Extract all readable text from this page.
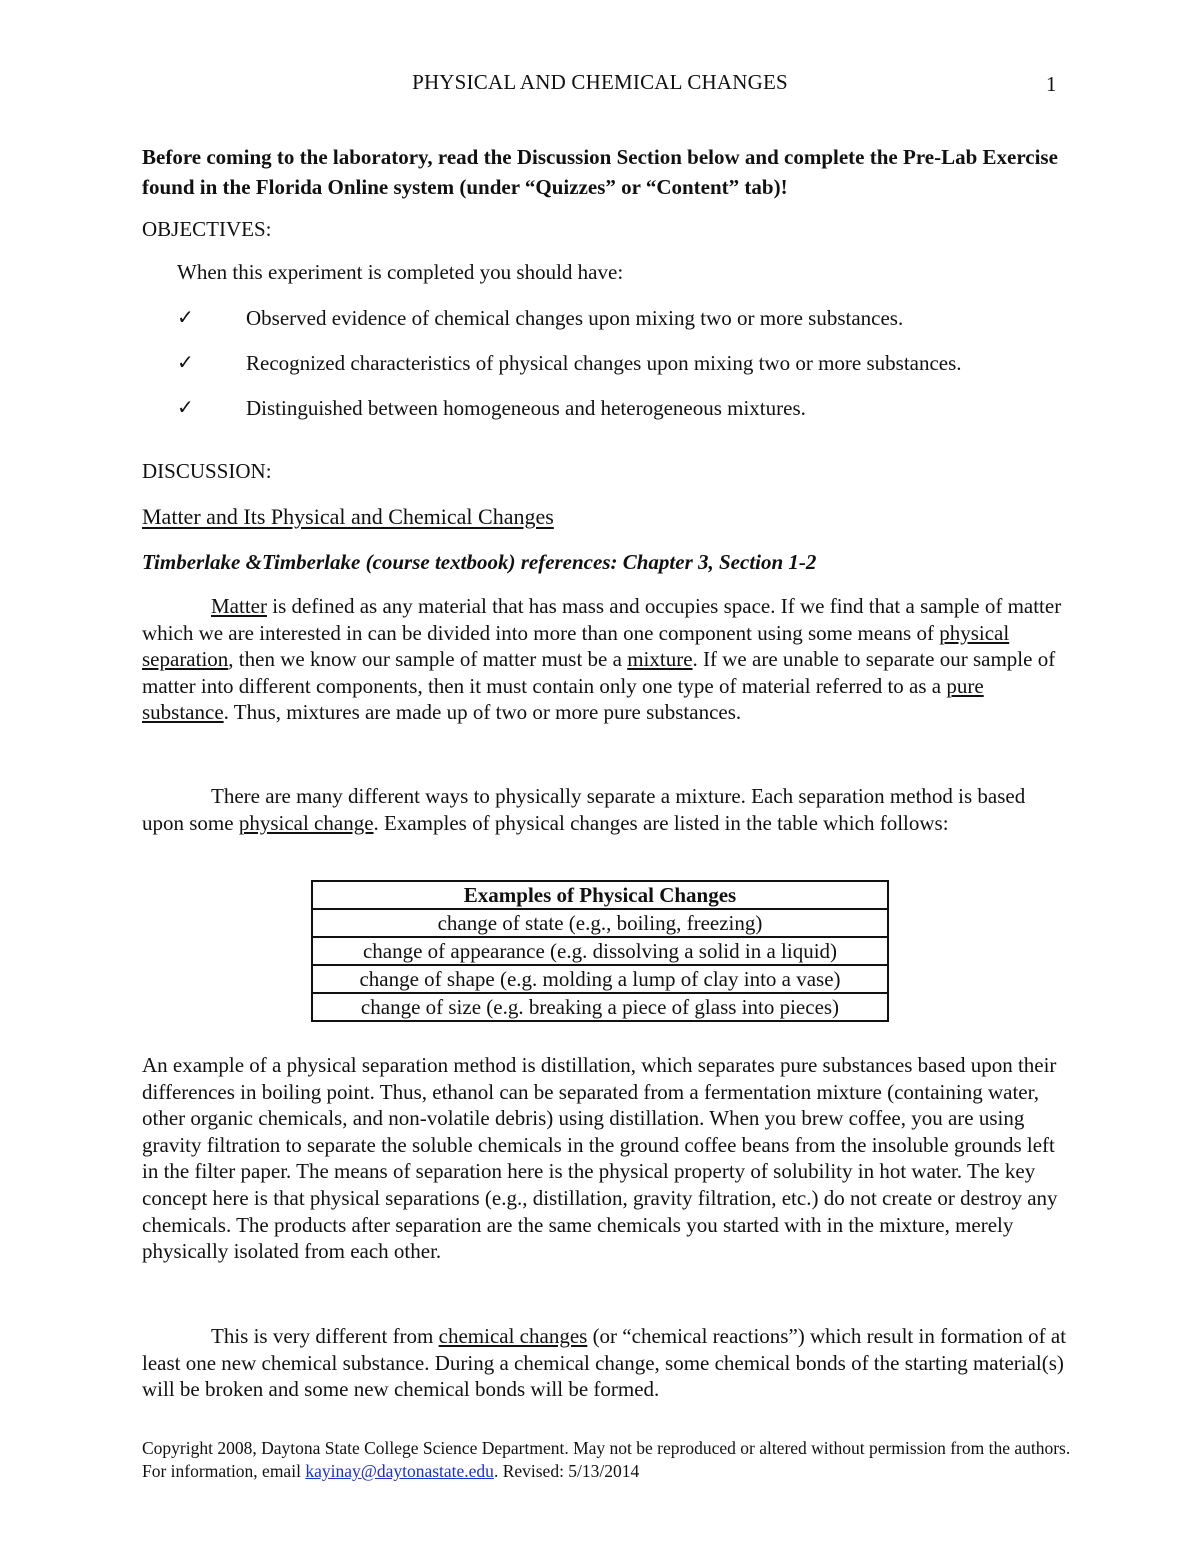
PHYSICAL AND CHEMICAL CHANGES	1
Before coming to the laboratory, read the Discussion Section below and complete the Pre-Lab Exercise found in the Florida Online system (under “Quizzes” or “Content” tab)!
OBJECTIVES:
When this experiment is completed you should have:
✓ Observed evidence of chemical changes upon mixing two or more substances.
✓ Recognized characteristics of physical changes upon mixing two or more substances.
✓ Distinguished between homogeneous and heterogeneous mixtures.
DISCUSSION:
Matter and Its Physical and Chemical Changes
Timberlake &Timberlake (course textbook) references: Chapter 3, Section 1-2
Matter is defined as any material that has mass and occupies space. If we find that a sample of matter which we are interested in can be divided into more than one component using some means of physical separation, then we know our sample of matter must be a mixture. If we are unable to separate our sample of matter into different components, then it must contain only one type of material referred to as a pure substance. Thus, mixtures are made up of two or more pure substances.
There are many different ways to physically separate a mixture. Each separation method is based upon some physical change. Examples of physical changes are listed in the table which follows:
Examples of Physical Changes
change of state (e.g., boiling, freezing)
change of appearance (e.g. dissolving a solid in a liquid)
change of shape (e.g. molding a lump of clay into a vase)
change of size (e.g. breaking a piece of glass into pieces)
An example of a physical separation method is distillation, which separates pure substances based upon their differences in boiling point. Thus, ethanol can be separated from a fermentation mixture (containing water, other organic chemicals, and non-volatile debris) using distillation. When you brew coffee, you are using gravity filtration to separate the soluble chemicals in the ground coffee beans from the insoluble grounds left in the filter paper. The means of separation here is the physical property of solubility in hot water. The key concept here is that physical separations (e.g., distillation, gravity filtration, etc.) do not create or destroy any chemicals. The products after separation are the same chemicals you started with in the mixture, merely physically isolated from each other.
This is very different from chemical changes (or “chemical reactions”) which result in formation of at least one new chemical substance. During a chemical change, some chemical bonds of the starting material(s) will be broken and some new chemical bonds will be formed.
Copyright 2008, Daytona State College Science Department. May not be reproduced or altered without permission from the authors. For information, email kayinay@daytonastate.edu. Revised: 5/13/2014
